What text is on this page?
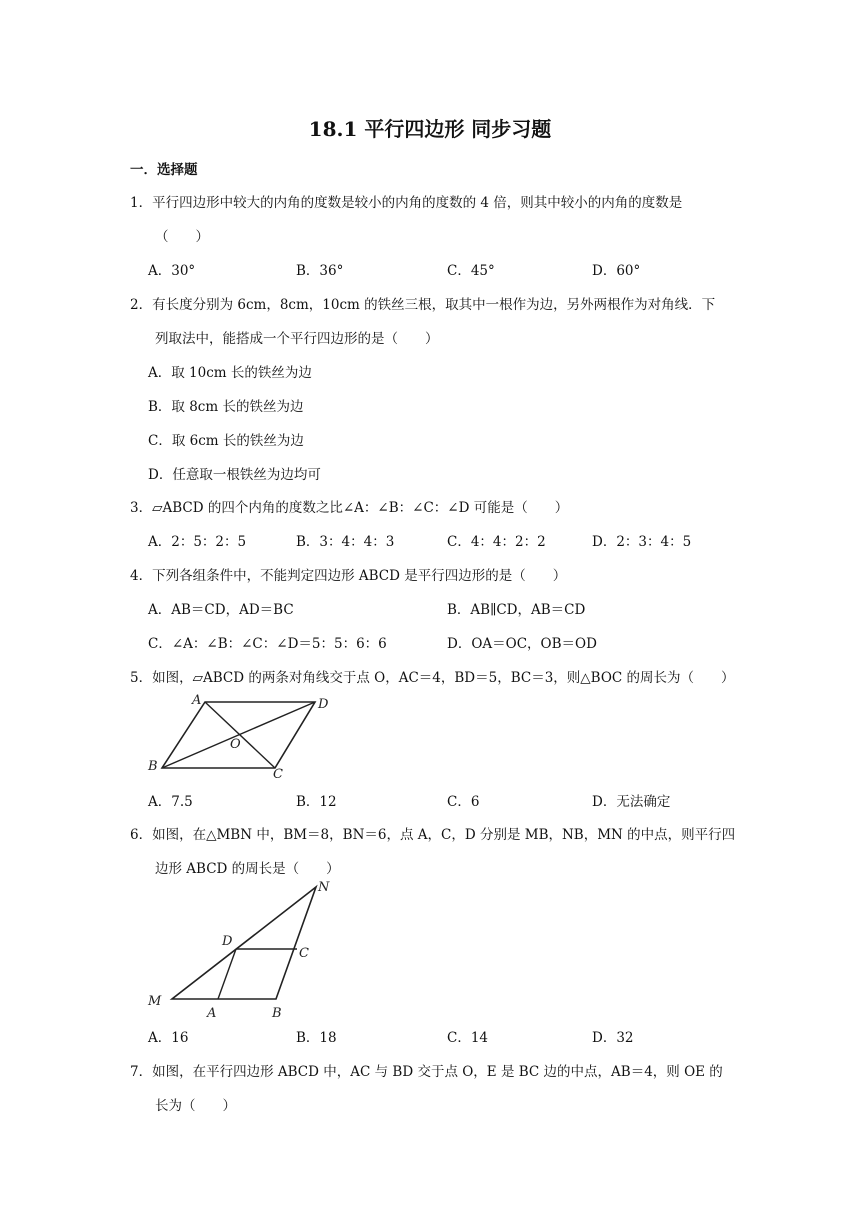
18.1 平行四边形 同步习题
一．选择题
1．平行四边形中较大的内角的度数是较小的内角的度数的 4 倍，则其中较小的内角的度数是
（　　）
A．30°	B．36°	C．45°	D．60°
2．有长度分别为 6cm，8cm，10cm 的铁丝三根，取其中一根作为边，另外两根作为对角线．下
列取法中，能搭成一个平行四边形的是（　　）
A．取 10cm 长的铁丝为边
B．取 8cm 长的铁丝为边
C．取 6cm 长的铁丝为边
D．任意取一根铁丝为边均可
3．▱ABCD 的四个内角的度数之比∠A：∠B：∠C：∠D 可能是（　　）
A．2：5：2：5	B．3：4：4：3	C．4：4：2：2	D．2：3：4：5
4．下列各组条件中，不能判定四边形 ABCD 是平行四边形的是（　　）
A．AB＝CD，AD＝BC	B．AB∥CD，AB＝CD
C．∠A：∠B：∠C：∠D＝5：5：6：6	D．OA＝OC，OB＝OD
5．如图，▱ABCD 的两条对角线交于点 O，AC＝4，BD＝5，BC＝3，则△BOC 的周长为（　　）
A	D
O
B
C
A．7.5	B．12	C．6	D．无法确定
6．如图，在△MBN 中，BM＝8，BN＝6，点 A，C，D 分别是 MB，NB，MN 的中点，则平行四
边形 ABCD 的周长是（　　）
N
D
C
M
A	B
A．16	B．18	C．14	D．32
7．如图，在平行四边形 ABCD 中，AC 与 BD 交于点 O，E 是 BC 边的中点，AB＝4，则 OE 的
长为（　　）
